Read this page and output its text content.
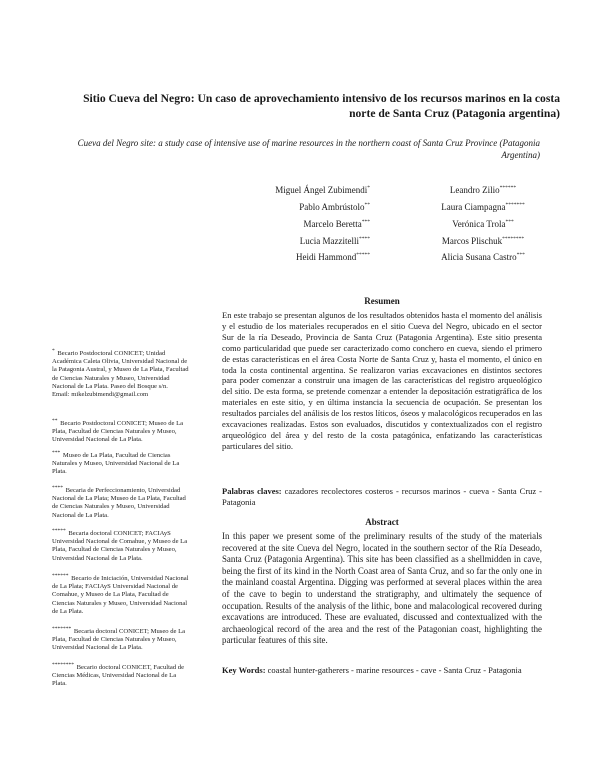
Sitio Cueva del Negro: Un caso de aprovechamiento intensivo de los recursos marinos en la costa norte de Santa Cruz (Patagonia argentina)
Cueva del Negro site: a study case of intensive use of marine resources in the northern coast of Santa Cruz Province (Patagonia Argentina)
Miguel Ángel Zubimendi*
Pablo Ambrústolo**
Marcelo Beretta***
Lucia Mazzitelli****
Heidi Hammond*****
Leandro Zilio******
Laura Ciampagna*******
Verónica Trola***
Marcos Plischuk********
Alicia Susana Castro***
Resumen

En este trabajo se presentan algunos de los resultados obtenidos hasta el momento del análisis y el estudio de los materiales recuperados en el sitio Cueva del Negro, ubicado en el sector Sur de la ría Deseado, Provincia de Santa Cruz (Patagonia Argentina). Este sitio presenta como particularidad que puede ser caracterizado como conchero en cueva, siendo el primero de estas características en el área Costa Norte de Santa Cruz y, hasta el momento, el único en toda la costa continental argentina. Se realizaron varias excavaciones en distintos sectores para poder comenzar a construir una imagen de las características del registro arqueológico del sitio. De esta forma, se pretende comenzar a entender la depositación estratigráfica de los materiales en este sitio, y en última instancia la secuencia de ocupación. Se presentan los resultados parciales del análisis de los restos líticos, óseos y malacológicos recuperados en las excavaciones realizadas. Estos son evaluados, discutidos y contextualizados con el registro arqueológico del área y del resto de la costa patagónica, enfatizando las características particulares del sitio.

Palabras claves: cazadores recolectores costeros - recursos marinos - cueva - Santa Cruz - Patagonia
Abstract

In this paper we present some of the preliminary results of the study of the materials recovered at the site Cueva del Negro, located in the southern sector of the Ría Deseado, Santa Cruz (Patagonia Argentina). This site has been classified as a shellmidden in cave, being the first of its kind in the North Coast area of Santa Cruz, and so far the only one in the mainland coastal Argentina. Digging was performed at several places within the area of the cave to begin to understand the stratigraphy, and ultimately the sequence of occupation. Results of the analysis of the lithic, bone and malacological recovered during excavations are introduced. These are evaluated, discussed and contextualized with the archaeological record of the area and the rest of the Patagonian coast, highlighting the particular features of this site.

Key Words: coastal hunter-gatherers - marine resources - cave - Santa Cruz - Patagonia
* Becario Postdoctoral CONICET; Unidad Académica Caleta Olivia, Universidad Nacional de la Patagonia Austral, y Museo de La Plata, Facultad de Ciencias Naturales y Museo, Universidad Nacional de La Plata. Paseo del Bosque s/n.
Email: mikelzubimendi@gmail.com
** Becario Postdoctoral CONICET; Museo de La Plata, Facultad de Ciencias Naturales y Museo, Universidad Nacional de La Plata.
*** Museo de La Plata, Facultad de Ciencias Naturales y Museo, Universidad Nacional de La Plata.
**** Becaria de Perfeccionamiento, Universidad Nacional de La Plata; Museo de La Plata, Facultad de Ciencias Naturales y Museo, Universidad Nacional de La Plata.
***** Becaria doctoral CONICET; FACIAyS Universidad Nacional de Comahue, y Museo de La Plata, Facultad de Ciencias Naturales y Museo, Universidad Nacional de La Plata.
****** Becario de Iniciación, Universidad Nacional de La Plata; FACIAyS Universidad Nacional de Comahue, y Museo de La Plata, Facultad de Ciencias Naturales y Museo, Universidad Nacional de La Plata.
******* Becaria doctoral CONICET; Museo de La Plata, Facultad de Ciencias Naturales y Museo, Universidad Nacional de La Plata.
******** Becario doctoral CONICET, Facultad de Ciencias Médicas, Universidad Nacional de La Plata.
